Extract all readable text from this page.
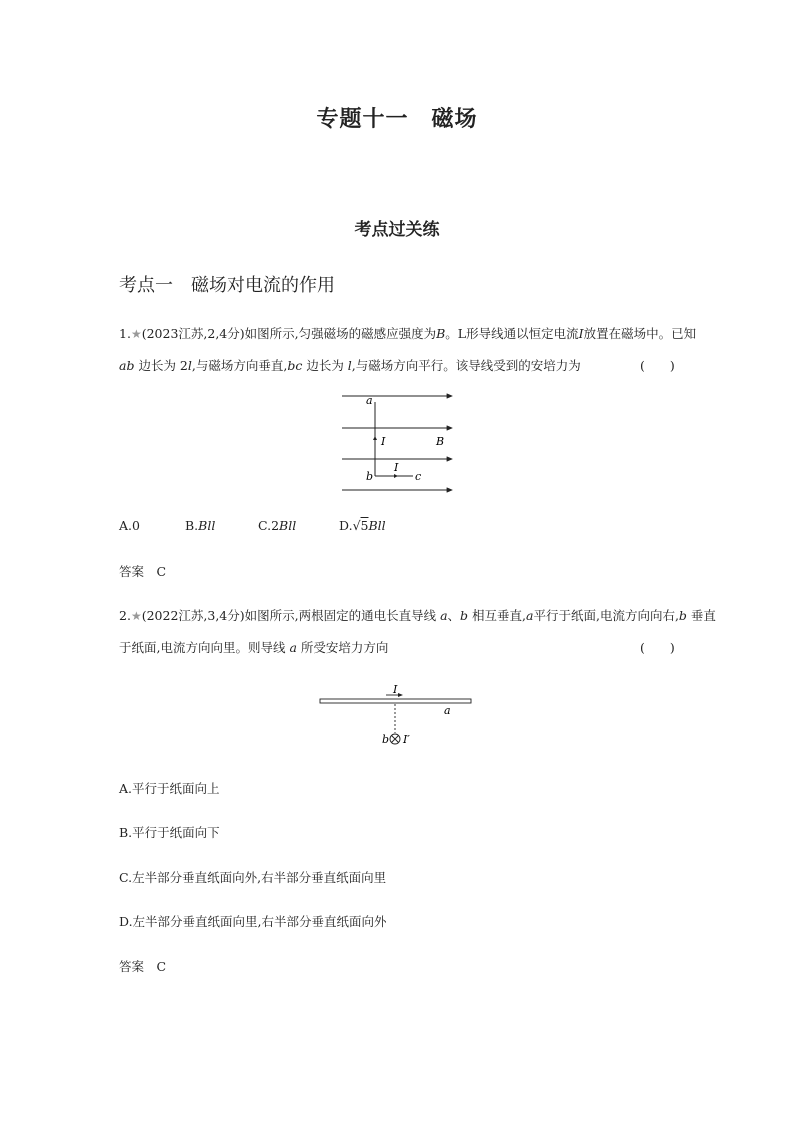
专题十一　磁场
考点过关练
考点一　磁场对电流的作用
1.★(2023江苏,2,4分)如图所示,匀强磁场的磁感应强度为B。L形导线通以恒定电流I放置在磁场中。已知
ab 边长为 2l,与磁场方向垂直,bc 边长为 l,与磁场方向平行。该导线受到的安培力为	(　　)
a
I	B
I
b	c
A.0	B.Bll	C.2Bll	D.√5Bll
答案　C
2.★(2022江苏,3,4分)如图所示,两根固定的通电长直导线 a、b 相互垂直,a平行于纸面,电流方向向右,b 垂直
于纸面,电流方向向里。则导线 a 所受安培力方向	(　　)
I
a
b I′
A.平行于纸面向上
B.平行于纸面向下
C.左半部分垂直纸面向外,右半部分垂直纸面向里
D.左半部分垂直纸面向里,右半部分垂直纸面向外
答案　C
